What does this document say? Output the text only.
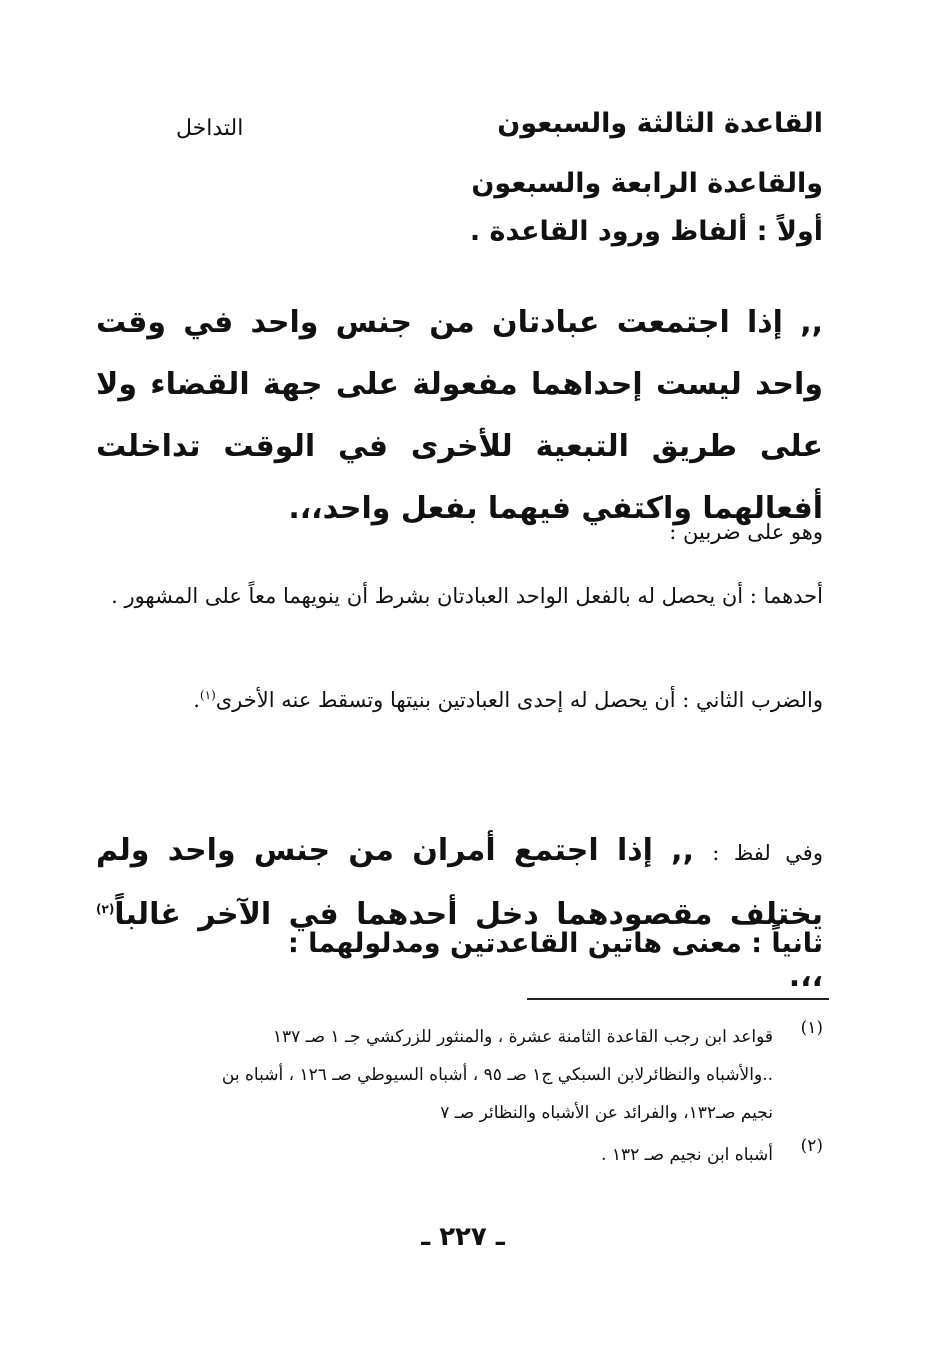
القاعدة الثالثة والسبعون
التداخل
والقاعدة الرابعة والسبعون
أولاً : ألفاظ ورود القاعدة .

,, إذا اجتمعت عبادتان من جنس واحد في وقت واحد ليست إحداهما مفعولة على جهة القضاء ولا على طريق التبعية للأخرى في الوقت تداخلت أفعالهما واكتفي فيهما بفعل واحد،،.

وهو على ضربين :

أحدهما : أن يحصل له بالفعل الواحد العبادتان بشرط أن ينويهما معاً على المشهور .

والضرب الثاني : أن يحصل له إحدى العبادتين بنيتها وتسقط عنه الأخرى$^{(١)}$.

وفي لفظ : ,, إذا اجتمع أمران من جنس واحد ولم يختلف مقصودهما دخل أحدهما في الآخر غالباً$^{(٢)}$ ،،.

ثانياً : معنى هاتين القاعدتين ومدلولهما :
(١)
قواعد ابن رجب القاعدة الثامنة عشرة ، والمنثور للزركشي جـ ١ صـ ١٣٧
..والأشباه والنظائرلابن السبكي ج١ صـ ٩٥ ، أشباه السيوطي صـ ١٢٦ ، أشباه بن
نجيم صـ١٣٢، والفرائد عن الأشباه والنظائر صـ ٧
(٢)
أشباه ابن نجيم صـ ١٣٢ .
ـ ٢٢٧ ـ
